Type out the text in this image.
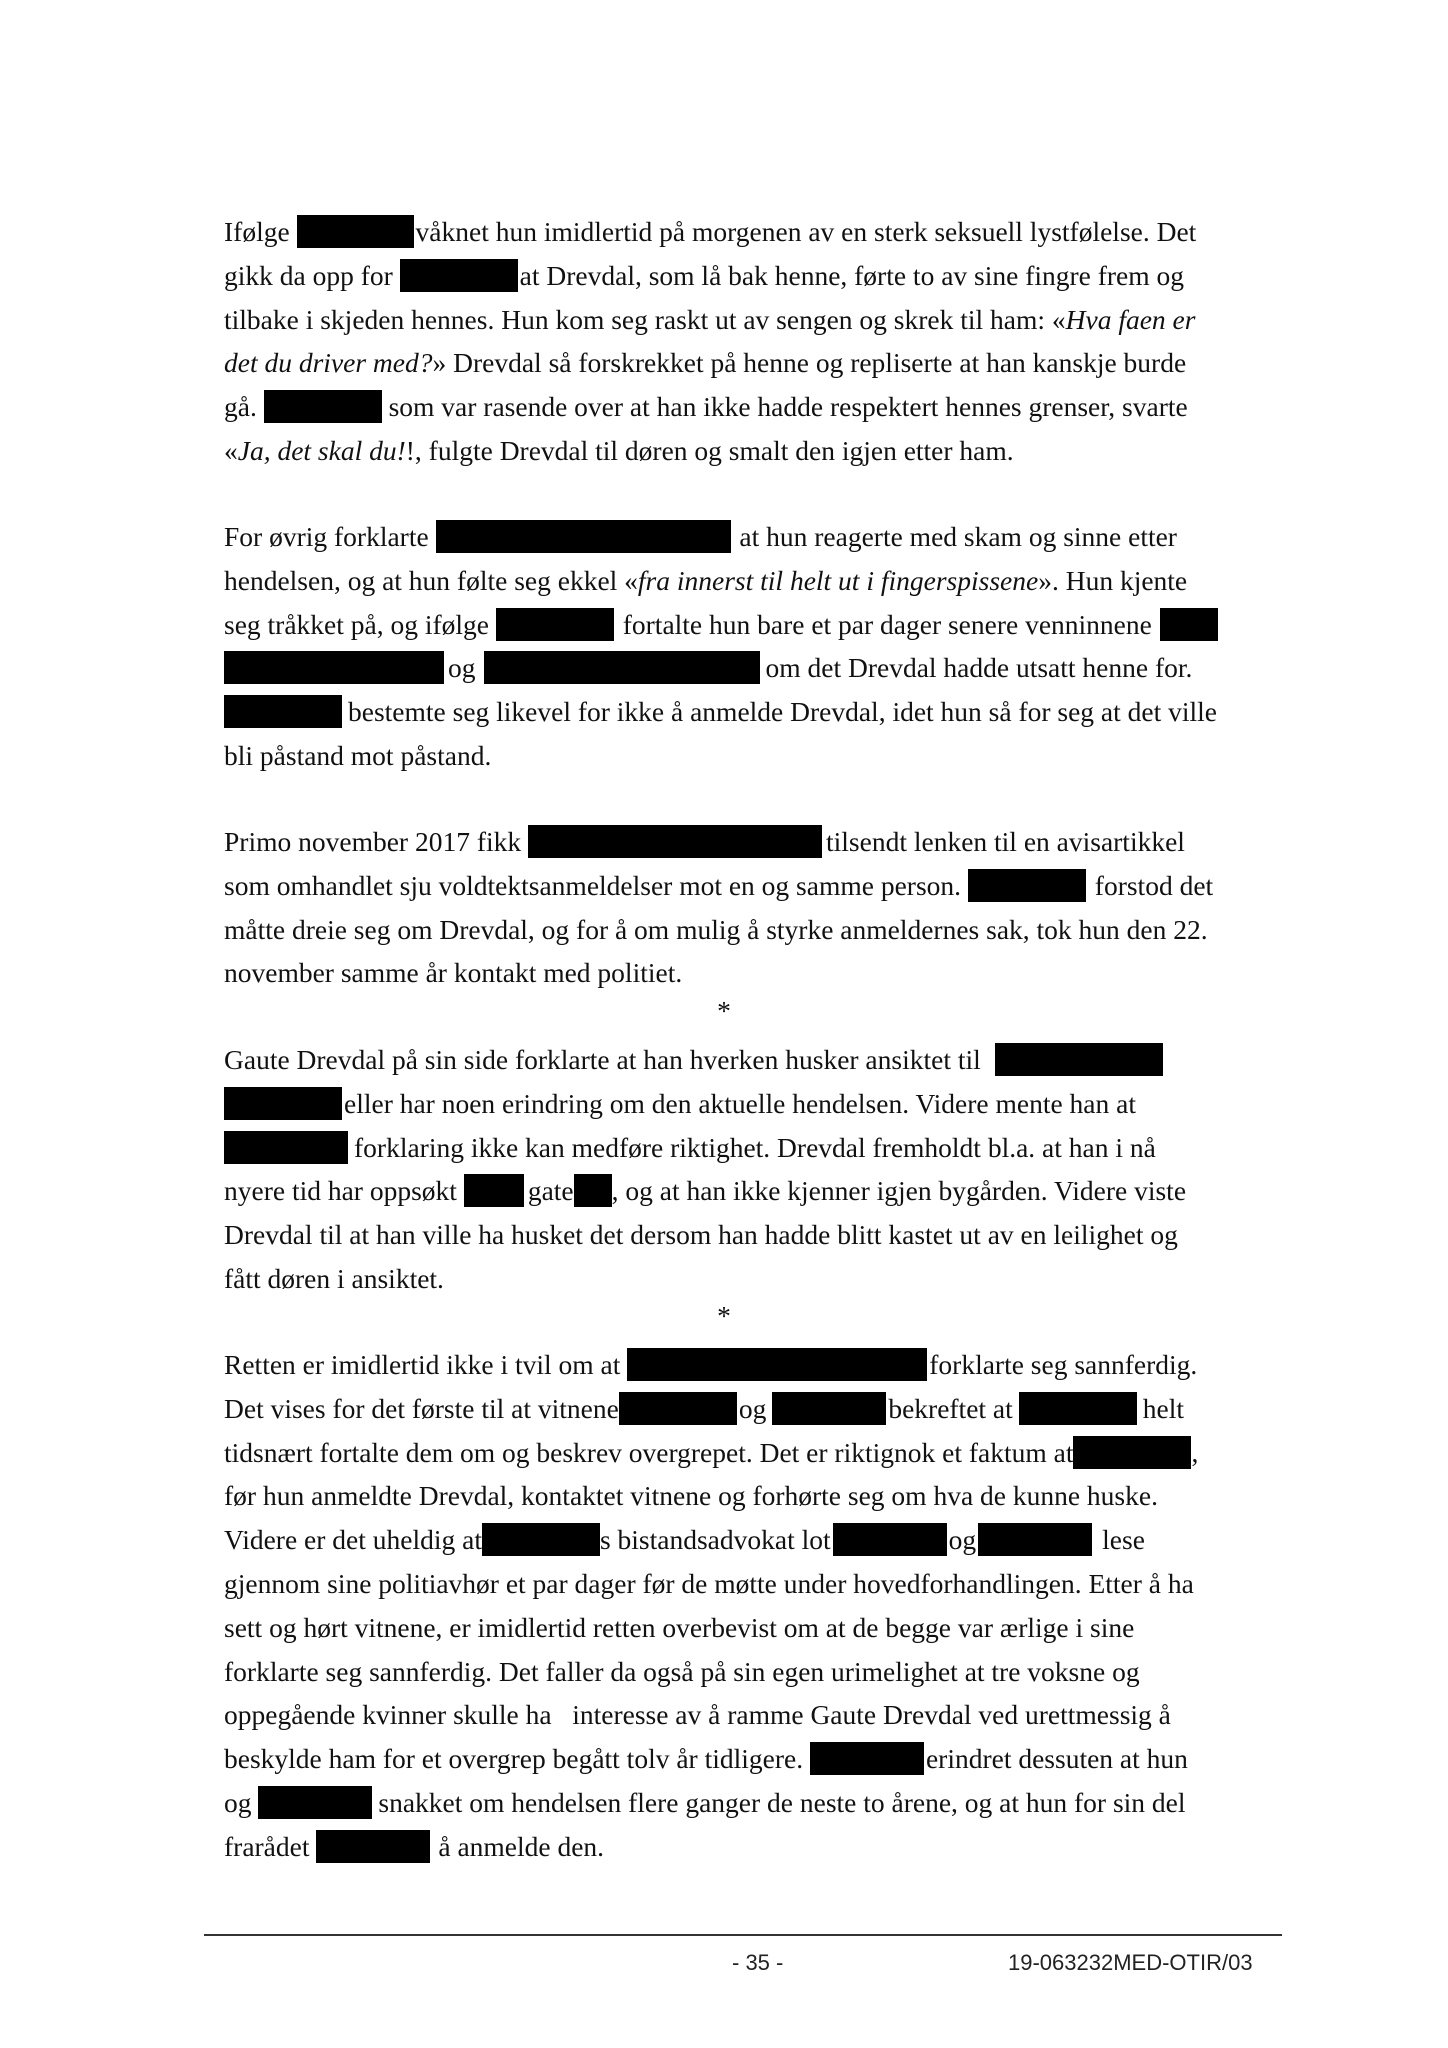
Ifølge	våknet hun imidlertid på morgenen av en sterk seksuell lystfølelse. Det
gikk da opp for	at Drevdal, som lå bak henne, førte to av sine fingre frem og
tilbake i skjeden hennes. Hun kom seg raskt ut av sengen og skrek til ham: «Hva faen er
det du driver med?» Drevdal så forskrekket på henne og repliserte at han kanskje burde
gå.	som var rasende over at han ikke hadde respektert hennes grenser, svarte
«Ja, det skal du!!, fulgte Drevdal til døren og smalt den igjen etter ham.
For øvrig forklarte	at hun reagerte med skam og sinne etter
hendelsen, og at hun følte seg ekkel «fra innerst til helt ut i fingerspissene». Hun kjente
seg tråkket på, og ifølge	fortalte hun bare et par dager senere venninnene
og	om det Drevdal hadde utsatt henne for.
bestemte seg likevel for ikke å anmelde Drevdal, idet hun så for seg at det ville
bli påstand mot påstand.
Primo november 2017 fikk	tilsendt lenken til en avisartikkel
som omhandlet sju voldtektsanmeldelser mot en og samme person.	forstod det
måtte dreie seg om Drevdal, og for å om mulig å styrke anmeldernes sak, tok hun den 22.
november samme år kontakt med politiet.
*
Gaute Drevdal på sin side forklarte at han hverken husker ansiktet til
eller har noen erindring om den aktuelle hendelsen. Videre mente han at
forklaring ikke kan medføre riktighet. Drevdal fremholdt bl.a. at han i nå
nyere tid har oppsøkt gate , og at han ikke kjenner igjen bygården. Videre viste
Drevdal til at han ville ha husket det dersom han hadde blitt kastet ut av en leilighet og
fått døren i ansiktet.
*
Retten er imidlertid ikke i tvil om at	forklarte seg sannferdig.
Det vises for det første til at vitnene	og	bekreftet at	helt
tidsnært fortalte dem om og beskrev overgrepet. Det er riktignok et faktum at	,
før hun anmeldte Drevdal, kontaktet vitnene og forhørte seg om hva de kunne huske.
Videre er det uheldig at	s bistandsadvokat lot	og	lese
gjennom sine politiavhør et par dager før de møtte under hovedforhandlingen. Etter å ha
sett og hørt vitnene, er imidlertid retten overbevist om at de begge var ærlige i sine
forklarte seg sannferdig. Det faller da også på sin egen urimelighet at tre voksne og
oppegående kvinner skulle ha   interesse av å ramme Gaute Drevdal ved urettmessig å
beskylde ham for et overgrep begått tolv år tidligere.	erindret dessuten at hun
og	snakket om hendelsen flere ganger de neste to årene, og at hun for sin del
frarådet	å anmelde den.
- 35 -	19-063232MED-OTIR/03
